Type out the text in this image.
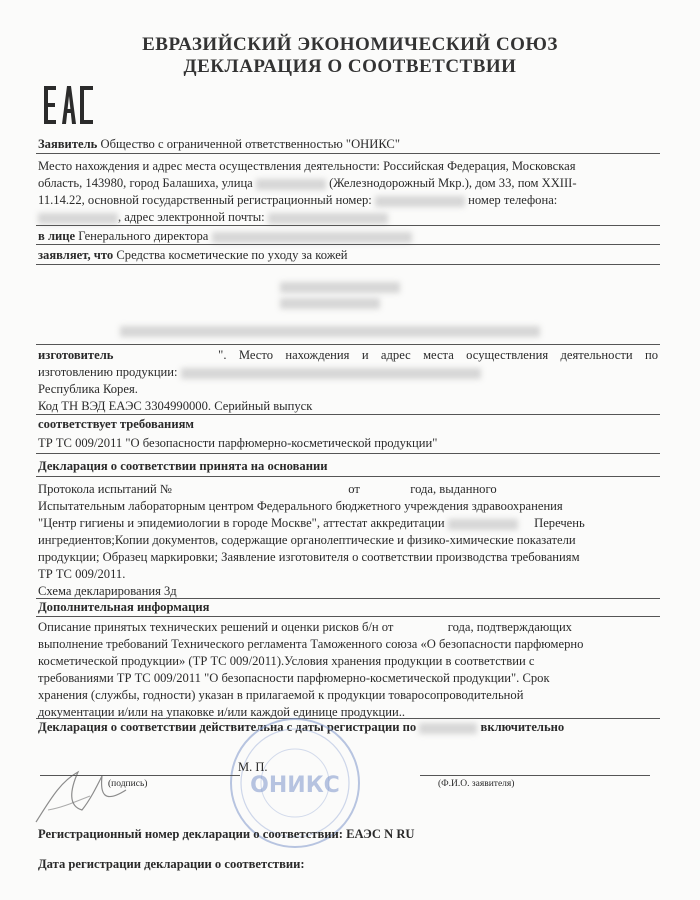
ЕВРАЗИЙСКИЙ ЭКОНОМИЧЕСКИЙ СОЮЗ
ДЕКЛАРАЦИЯ О СООТВЕТСТВИИ
Заявитель Общество с ограниченной ответственностью "ОНИКС"
Место нахождения и адрес места осуществления деятельности: Российская Федерация, Московская
область, 143980, город Балашиха, улица	(Железнодорожный Мкр.), дом 33, пом XXIII-
11.14.22, основной государственный регистрационный номер:	номер телефона:
, адрес электронной почты:
в лице Генерального директора
заявляет, что Средства косметические по уходу за кожей
изготовитель	". Место нахождения и адрес места осуществления деятельности по
изготовлению продукции:
Республика Корея.
Код ТН ВЭД ЕАЭС 3304990000. Серийный выпуск
соответствует требованиям
ТР ТС 009/2011 "О безопасности парфюмерно-косметической продукции"
Декларация о соответствии принята на основании
Протокола испытаний №	от	года, выданного
Испытательным лабораторным центром Федерального бюджетного учреждения здравоохранения
"Центр гигиены и эпидемиологии в городе Москве", аттестат аккредитации	Перечень
ингредиентов;Копии документов, содержащие органолептические и физико-химические показатели
продукции; Образец маркировки; Заявление изготовителя о соответствии производства требованиям
ТР ТС 009/2011.
Схема декларирования 3д
Дополнительная информация
Описание принятых технических решений и оценки рисков б/н от	года, подтверждающих
выполнение требований Технического регламента Таможенного союза «О безопасности парфюмерно
косметической продукции» (ТР ТС 009/2011).Условия хранения продукции в соответствии с
требованиями ТР ТС 009/2011 "О безопасности парфюмерно-косметической продукции". Срок
хранения (службы, годности) указан в прилагаемой к продукции товаросопроводительной
документации и/или на упаковке и/или каждой единице продукции..
Декларация о соответствии действительна с даты регистрации по	включительно
ОНИКС
М. П.
(подпись)	(Ф.И.О. заявителя)
Регистрационный номер декларации о соответствии: ЕАЭС N RU
Дата регистрации декларации о соответствии:
